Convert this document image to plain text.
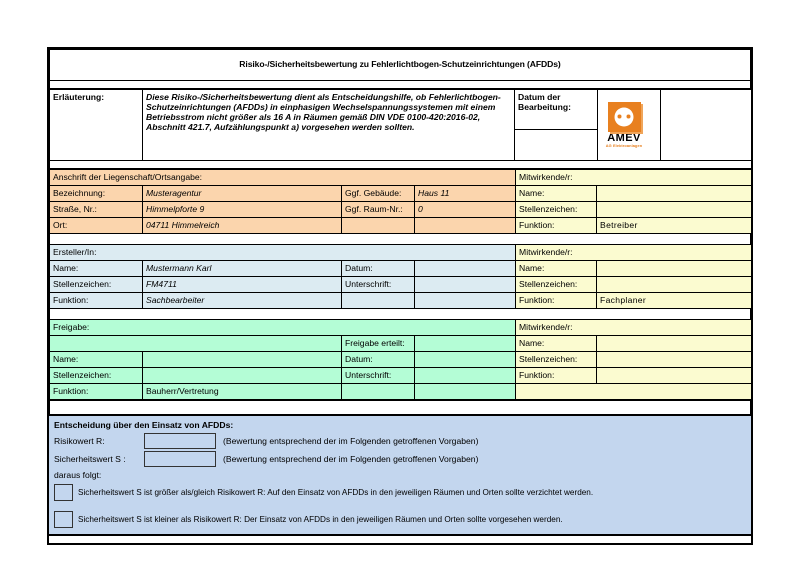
Risiko-/Sicherheitsbewertung zu Fehlerlichtbogen-Schutzeinrichtungen (AFDDs)

Erläuterung:	Diese Risiko-/Sicherheitsbewertung dient als Entscheidungshilfe, ob Fehlerlichtbogen-Schutzeinrichtungen (AFDDs) in einphasigen Wechselspannungssystemen mit einem Betriebsstrom nicht größer als 16 A in Räumen gemäß DIN VDE 0100-420:2016-02, Abschnitt 421.7, Aufzählungspunkt a) vorgesehen werden sollten.	Datum der Bearbeitung:	
AMEV
AG Elektroanlagen

Anschrift der Liegenschaft/Ortsangabe:				Mitwirkende/r:	
Bezeichnung:	Musteragentur	Ggf. Gebäude:	Haus 11	Name:	
Straße, Nr.:	Himmelpforte 9	Ggf. Raum-Nr.:	0	Stellenzeichen:	
Ort:	04711 Himmelreich			Funktion:	Betreiber
Ersteller/In:				Mitwirkende/r:	
Name:	Mustermann Karl	Datum:		Name:	
Stellenzeichen:	FM4711	Unterschrift:		Stellenzeichen:	
Funktion:	Sachbearbeiter			Funktion:	Fachplaner
Freigabe:				Mitwirkende/r:	
		Freigabe erteilt:		Name:	
Name:		Datum:		Stellenzeichen:	
Stellenzeichen:		Unterschrift:		Funktion:	
Funktion:	Bauherr/Vertretung				
Entscheidung über den Einsatz von AFDDs:
Risikowert R:	(Bewertung entsprechend der im Folgenden getroffenen Vorgaben)
Sicherheitswert S :	(Bewertung entsprechend der im Folgenden getroffenen Vorgaben)
daraus folgt:
Sicherheitswert S ist größer als/gleich Risikowert R: Auf den Einsatz von AFDDs in den jeweiligen Räumen und Orten sollte verzichtet werden.
Sicherheitswert S ist kleiner als Risikowert R: Der Einsatz von AFDDs in den jeweiligen Räumen und Orten sollte vorgesehen werden.
